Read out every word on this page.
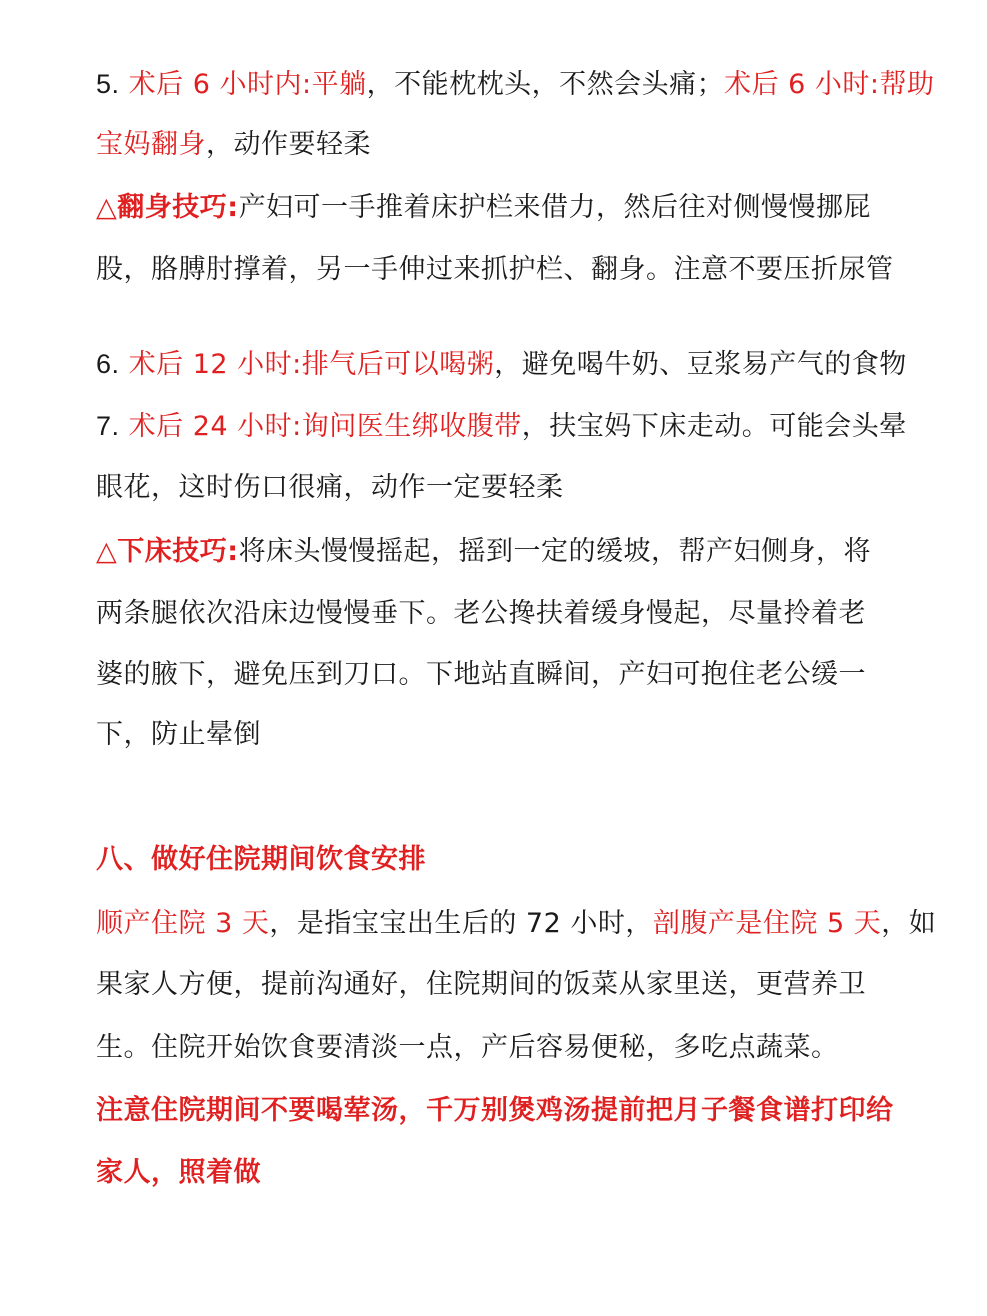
5. 术后 6 小时内:平躺，不能枕枕头，不然会头痛；术后 6 小时:帮助
宝妈翻身，动作要轻柔
△翻身技巧:产妇可一手推着床护栏来借力，然后往对侧慢慢挪屁
股，胳膊肘撑着，另一手伸过来抓护栏、翻身。注意不要压折尿管
6. 术后 12 小时:排气后可以喝粥，避免喝牛奶、豆浆易产气的食物
7. 术后 24 小时:询问医生绑收腹带，扶宝妈下床走动。可能会头晕
眼花，这时伤口很痛，动作一定要轻柔
△下床技巧:将床头慢慢摇起，摇到一定的缓坡，帮产妇侧身，将
两条腿依次沿床边慢慢垂下。老公搀扶着缓身慢起，尽量拎着老
婆的腋下，避免压到刀口。下地站直瞬间，产妇可抱住老公缓一
下，防止晕倒
八、做好住院期间饮食安排
顺产住院 3 天，是指宝宝出生后的 72 小时，剖腹产是住院 5 天，如
果家人方便，提前沟通好，住院期间的饭菜从家里送，更营养卫
生。住院开始饮食要清淡一点，产后容易便秘，多吃点蔬菜。
注意住院期间不要喝荤汤，千万别煲鸡汤提前把月子餐食谱打印给
家人，照着做
